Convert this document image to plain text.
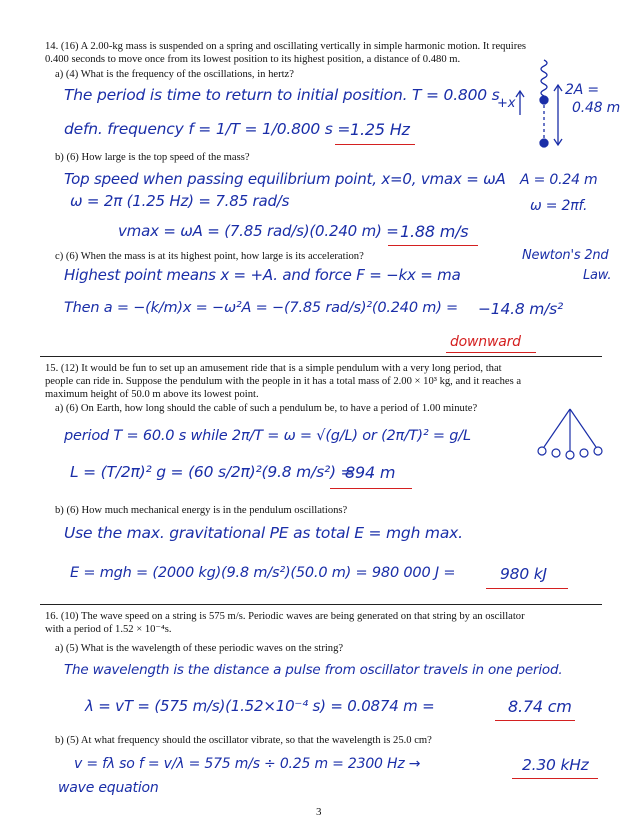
14. (16) A 2.00-kg mass is suspended on a spring and oscillating vertically in simple harmonic motion. It requires
0.400 seconds to move once from its lowest position to its highest position, a distance of 0.480 m.
a) (4) What is the frequency of the oscillations, in hertz?
The period is time to return to initial position. T = 0.800 s
defn. frequency f = 1/T = 1/0.800 s = 1.25 Hz
2A =
0.48 m
+x
b) (6) How large is the top speed of the mass?
Top speed when passing equilibrium point, x=0, vmax = ωA A = 0.24 m
ω = 2π (1.25 Hz) = 7.85 rad/s	ω = 2πf.
vmax = ωA = (7.85 rad/s)(0.240 m) = 1.88 m/s
c) (6) When the mass is at its highest point, how large is its acceleration?	Newton's 2nd
Highest point means x = +A. and force F = −kx = ma	Law.
Then a = −(k/m)x = −ω²A = −(7.85 rad/s)²(0.240 m) = −14.8 m/s²
downward
15. (12) It would be fun to set up an amusement ride that is a simple pendulum with a very long period, that
people can ride in. Suppose the pendulum with the people in it has a total mass of 2.00 × 10³ kg, and it reaches a
maximum height of 50.0 m above its lowest point.
a) (6) On Earth, how long should the cable of such a pendulum be, to have a period of 1.00 minute?
period T = 60.0 s while 2π/T = ω = √(g/L) or (2π/T)² = g/L
L = (T/2π)² g = (60 s/2π)²(9.8 m/s²) =
894 m
b) (6) How much mechanical energy is in the pendulum oscillations?
Use the max. gravitational PE as total E = mgh max.
E = mgh = (2000 kg)(9.8 m/s²)(50.0 m) = 980 000 J =	980 kJ
16. (10) The wave speed on a string is 575 m/s. Periodic waves are being generated on that string by an oscillator
with a period of 1.52 × 10⁻⁴s.
a) (5) What is the wavelength of these periodic waves on the string?
The wavelength is the distance a pulse from oscillator travels in one period.
λ = vT = (575 m/s)(1.52×10⁻⁴ s) = 0.0874 m =	8.74 cm
b) (5) At what frequency should the oscillator vibrate, so that the wavelength is 25.0 cm?
v = fλ so f = v/λ = 575 m/s ÷ 0.25 m = 2300 Hz →	2.30 kHz
wave equation
3
